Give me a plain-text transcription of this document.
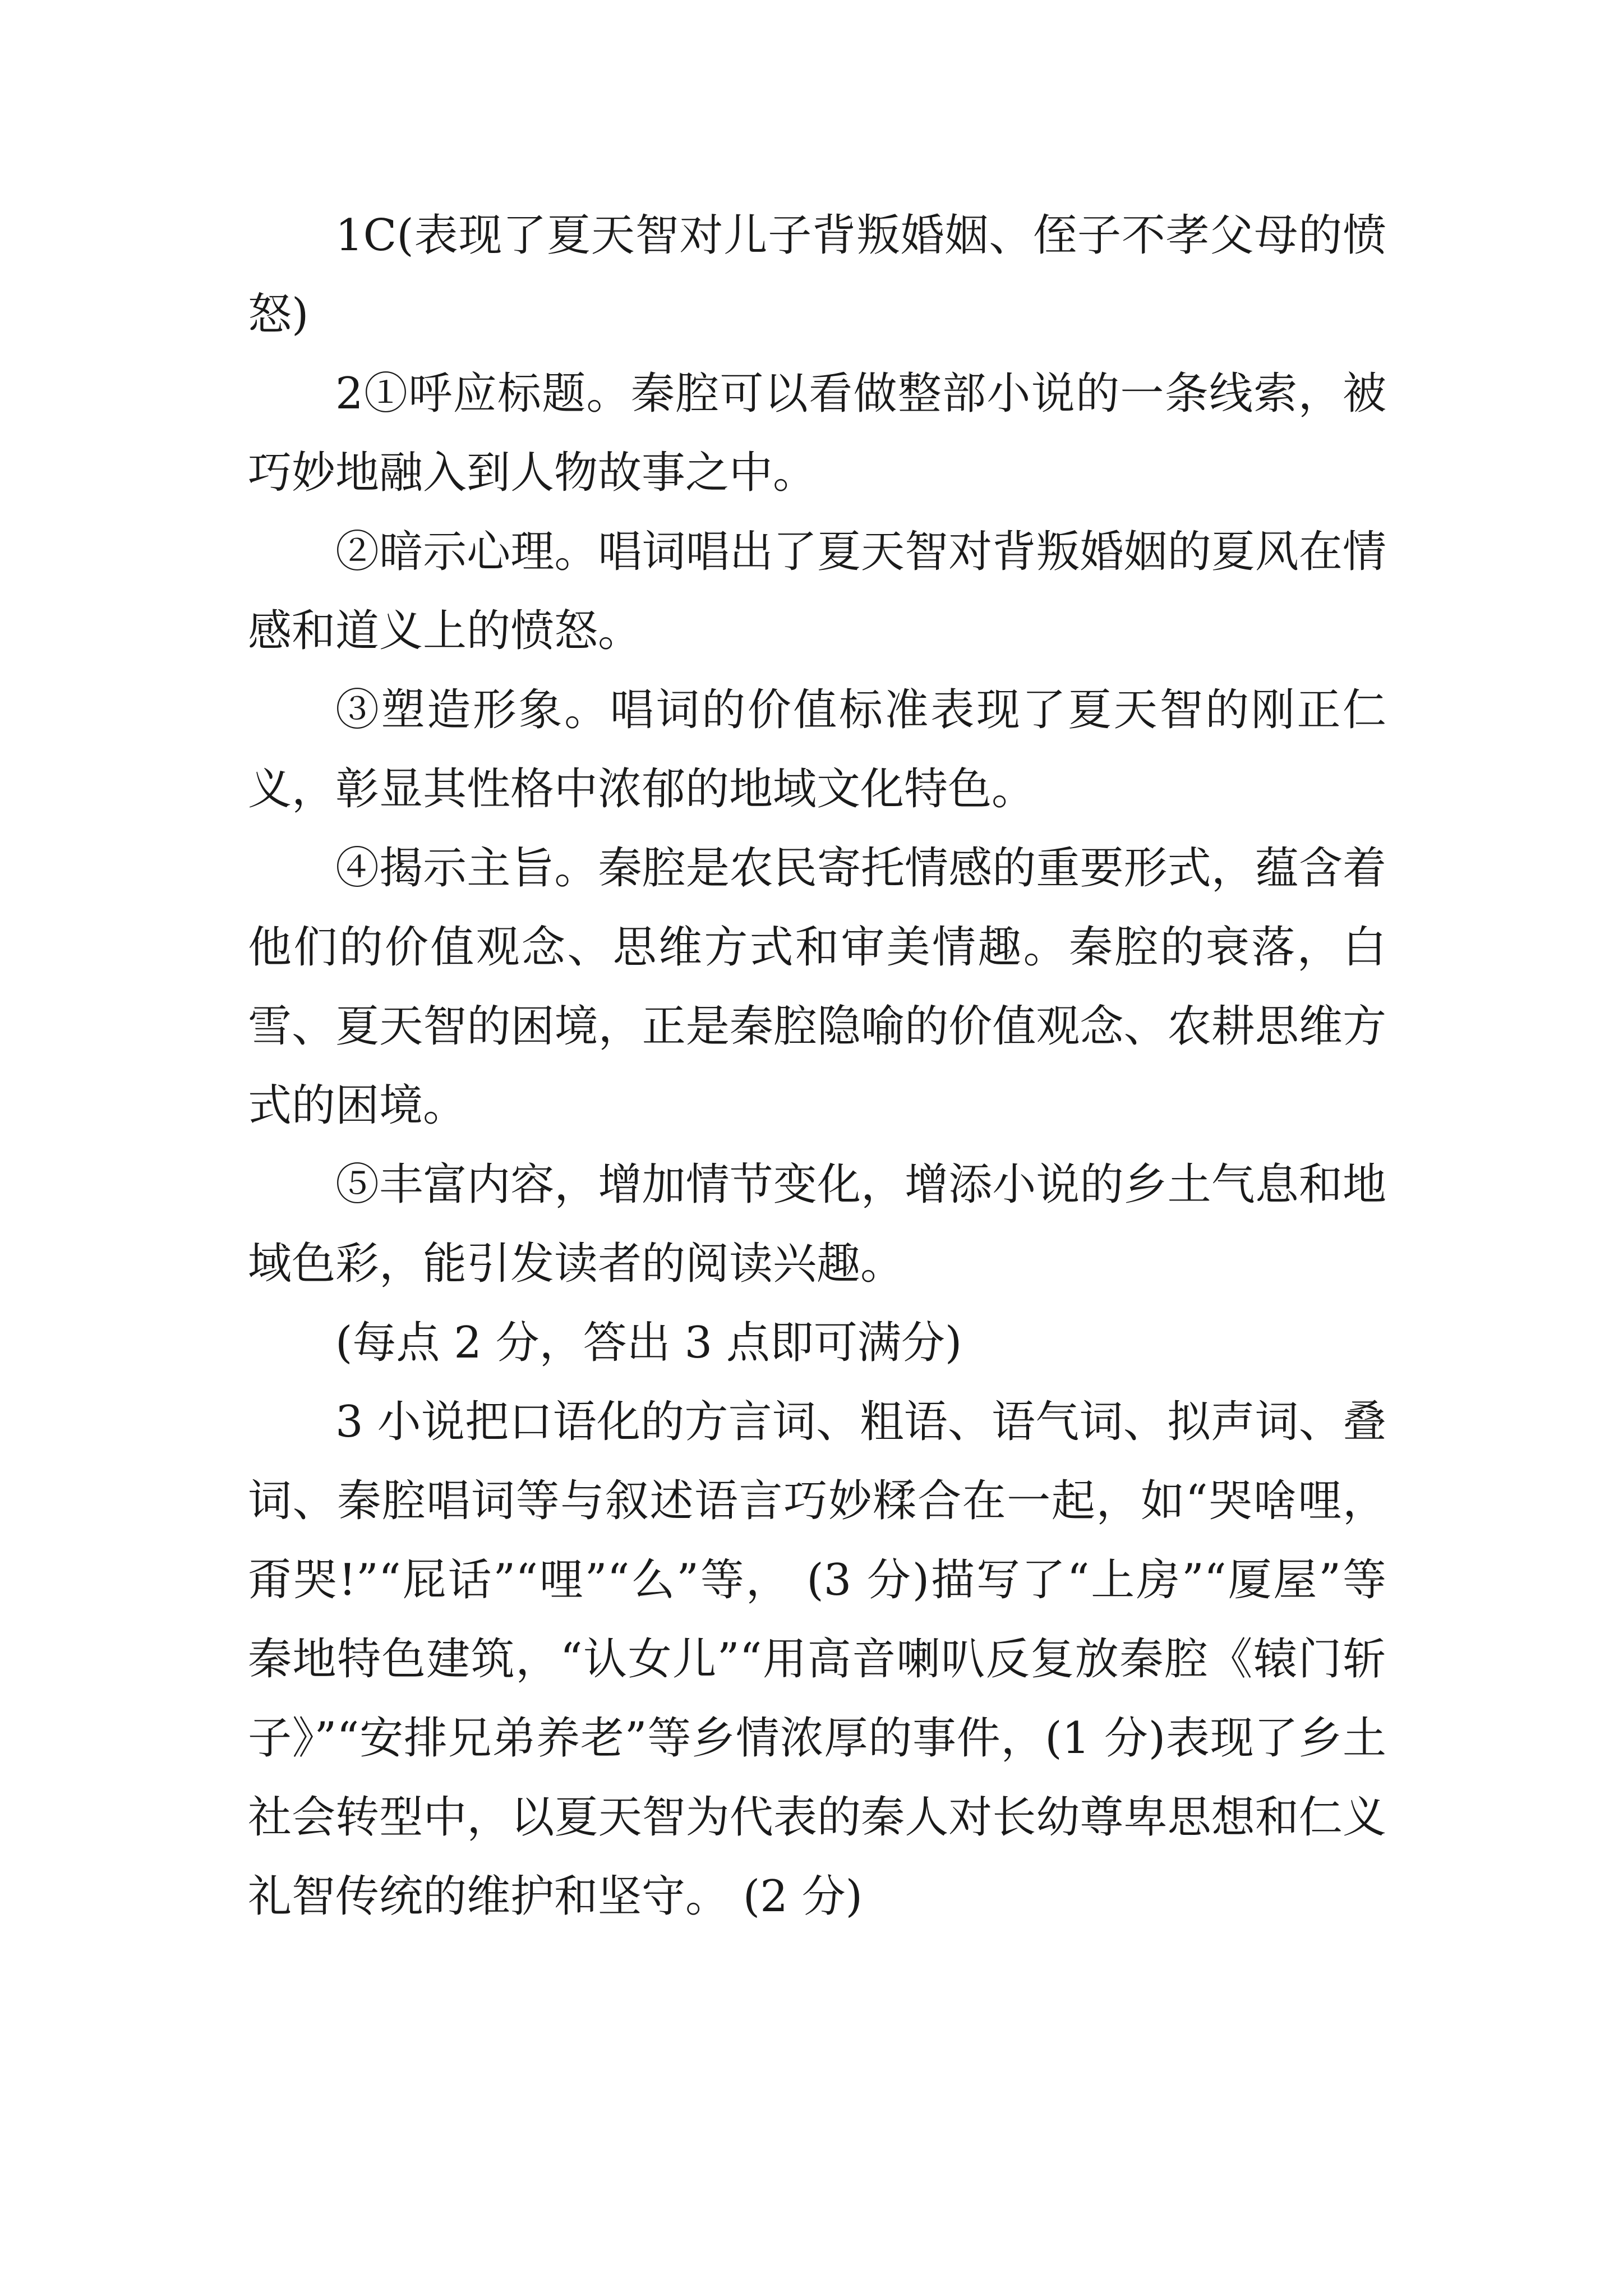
1C(表现了夏天智对儿子背叛婚姻、侄子不孝父母的愤怒)

2①呼应标题。秦腔可以看做整部小说的一条线索，被巧妙地融入到人物故事之中。

②暗示心理。唱词唱出了夏天智对背叛婚姻的夏风在情感和道义上的愤怒。

③塑造形象。唱词的价值标准表现了夏天智的刚正仁义，彰显其性格中浓郁的地域文化特色。

④揭示主旨。秦腔是农民寄托情感的重要形式，蕴含着他们的价值观念、思维方式和审美情趣。秦腔的衰落，白雪、夏天智的困境，正是秦腔隐喻的价值观念、农耕思维方式的困境。

⑤丰富内容，增加情节变化，增添小说的乡土气息和地域色彩，能引发读者的阅读兴趣。

(每点 2 分，答出 3 点即可满分)

3 小说把口语化的方言词、粗语、语气词、拟声词、叠词、秦腔唱词等与叙述语言巧妙糅合在一起，如“哭啥哩，甭哭!”“屁话”“哩”“么”等， (3 分)描写了“上房”“厦屋”等秦地特色建筑，“认女儿”“用高音喇叭反复放秦腔《辕门斩子》”“安排兄弟养老”等乡情浓厚的事件，(1 分)表现了乡土社会转型中，以夏天智为代表的秦人对长幼尊卑思想和仁义礼智传统的维护和坚守。 (2 分)
